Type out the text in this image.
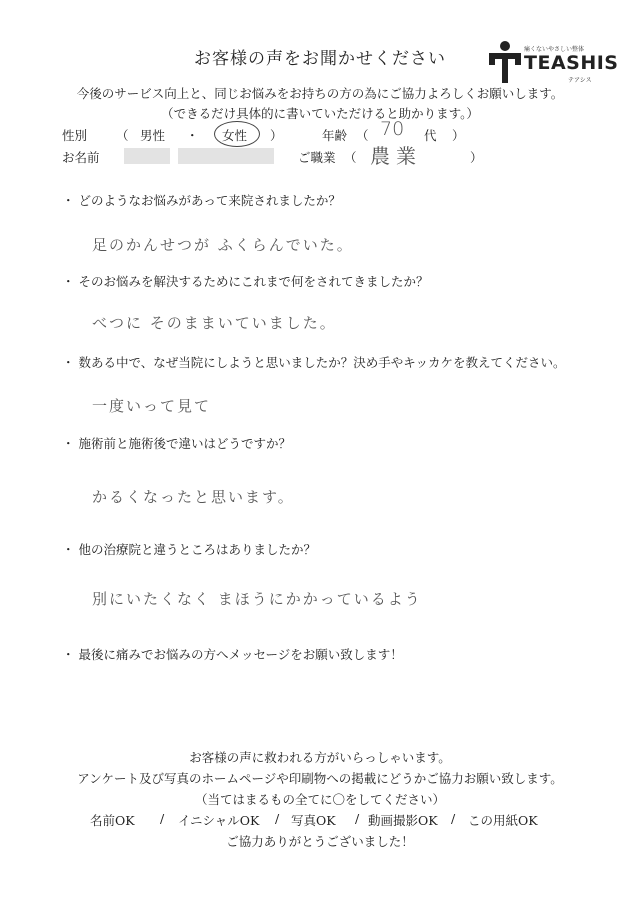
お客様の声をお聞かせください	痛くないやさしい整体
TEASHIS
テアシス
今後のサービス向上と、同じお悩みをお持ちの方の為にご協力よろしくお願いします。
（できるだけ具体的に書いていただけると助かります。）
性別 （ 男性 ・ 女性 ）	年齢 （ 70 代 ）
お名前	ご職業 （ 農業	）
・ どのようなお悩みがあって来院されましたか？
足のかんせつが ふくらんでいた。
・ そのお悩みを解決するためにこれまで何をされてきましたか？
べつに そのままいていました。
・ 数ある中で、なぜ当院にしようと思いましたか？決め手やキッカケを教えてください。
一度いって見て
・ 施術前と施術後で違いはどうですか？
かるくなったと思います。
・ 他の治療院と違うところはありましたか？
別にいたくなく まほうにかかっているよう
・ 最後に痛みでお悩みの方へメッセージをお願い致します！
お客様の声に救われる方がいらっしゃいます。
アンケート及び写真のホームページや印刷物への掲載にどうかご協力お願い致します。
（当てはまるもの全てに〇をしてください）
名前OK / イニシャルOK / 写真OK / 動画撮影OK / この用紙OK
ご協力ありがとうございました！
